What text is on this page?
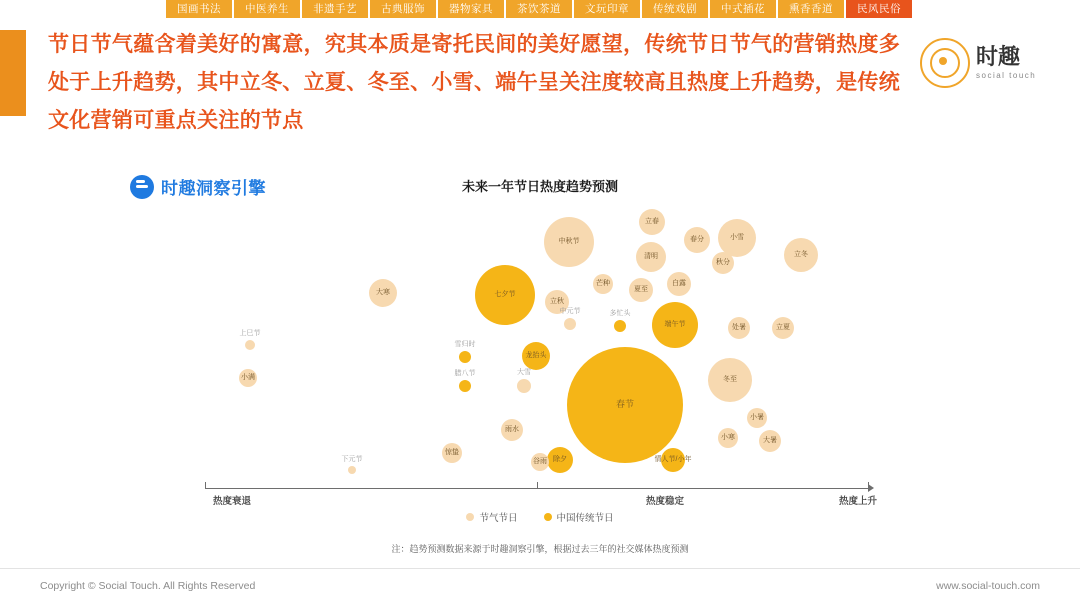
国画书法	中医养生	非遗手艺	古典服饰	器物家具	茶饮茶道	文玩印章	传统戏剧	中式插花	熏香香道	民风民俗
节日节气蕴含着美好的寓意，究其本质是寄托民间的美好愿望，传统节日节气的营销热度多处于上升趋势，其中立冬、立夏、冬至、小雪、端午呈关注度较高且热度上升趋势，是传统文化营销可重点关注的节点
时趣
social touch
时趣洞察引擎	未来一年节日热度趋势预测
热度衰退	热度稳定	热度上升
春节
七夕节
中秋节
端午节
冬至
小雪
立冬
清明
立春
春分
秋分
白露
夏至
芒种
立秋
大寒
龙抬头
处暑	立夏
小满
小暑
小寒	大暑
雨水
除夕	情人节/小年
惊蛰
谷雨
大雪
多忙头
中元节
雪归时
腊八节
上巳节
下元节
节气节日	中国传统节日
注：趋势预测数据来源于时趣洞察引擎，根据过去三年的社交媒体热度预测
Copyright © Social Touch. All Rights Reserved	www.social-touch.com
